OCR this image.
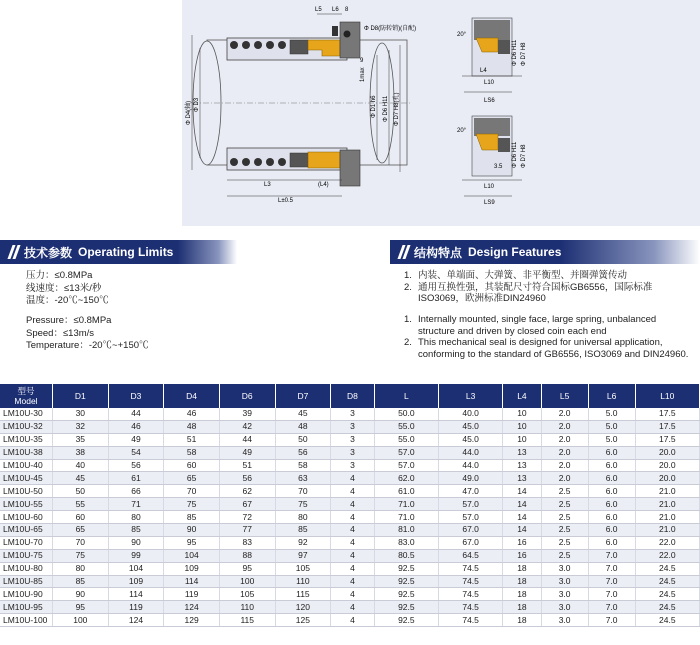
L5 L6 8
Φ D8(防转销)(自配)
9
1max
Φ D4(轴) Φ D3	Φ D1 h6 Φ D6 H11 Φ D7 H8(孔)
L3	(L4)
L±0.5
20°
L4
L10
LS6
Φ D6 H11 Φ D7 H8
20°
L10
LS9
3.5 Φ D6 H11 Φ D7 H8
技术参数 Operating Limits
压力：≤0.8MPa
线速度：≤13米/秒
温度：-20℃~150℃
Pressure：≤0.8MPa
Speed：≤13m/s
Temperature：-20℃~+150℃
结构特点 Design Features
1. 内装、单端面、大弹簧、非平衡型、并圈弹簧传动
2. 通用互换性强，其装配尺寸符合国标GB6556，国际标准ISO3069，欧洲标准DIN24960
1. Internally mounted, single face, large spring, unbalanced structure and driven by closed coin each end
2. This mechanical seal is designed for universal application, conforming to the standard of GB6556, ISO3069 and DIN24960.
型号
Model	D1	D3	D4	D6	D7	D8	L	L3	L4	L5	L6	L10
LM10U-30	30	44	46	39	45	3	50.0	40.0	10	2.0	5.0	17.5
LM10U-32	32	46	48	42	48	3	55.0	45.0	10	2.0	5.0	17.5
LM10U-35	35	49	51	44	50	3	55.0	45.0	10	2.0	5.0	17.5
LM10U-38	38	54	58	49	56	3	57.0	44.0	13	2.0	6.0	20.0
LM10U-40	40	56	60	51	58	3	57.0	44.0	13	2.0	6.0	20.0
LM10U-45	45	61	65	56	63	4	62.0	49.0	13	2.0	6.0	20.0
LM10U-50	50	66	70	62	70	4	61.0	47.0	14	2.5	6.0	21.0
LM10U-55	55	71	75	67	75	4	71.0	57.0	14	2.5	6.0	21.0
LM10U-60	60	80	85	72	80	4	71.0	57.0	14	2.5	6.0	21.0
LM10U-65	65	85	90	77	85	4	81.0	67.0	14	2.5	6.0	21.0
LM10U-70	70	90	95	83	92	4	83.0	67.0	16	2.5	6.0	22.0
LM10U-75	75	99	104	88	97	4	80.5	64.5	16	2.5	7.0	22.0
LM10U-80	80	104	109	95	105	4	92.5	74.5	18	3.0	7.0	24.5
LM10U-85	85	109	114	100	110	4	92.5	74.5	18	3.0	7.0	24.5
LM10U-90	90	114	119	105	115	4	92.5	74.5	18	3.0	7.0	24.5
LM10U-95	95	119	124	110	120	4	92.5	74.5	18	3.0	7.0	24.5
LM10U-100	100	124	129	115	125	4	92.5	74.5	18	3.0	7.0	24.5
